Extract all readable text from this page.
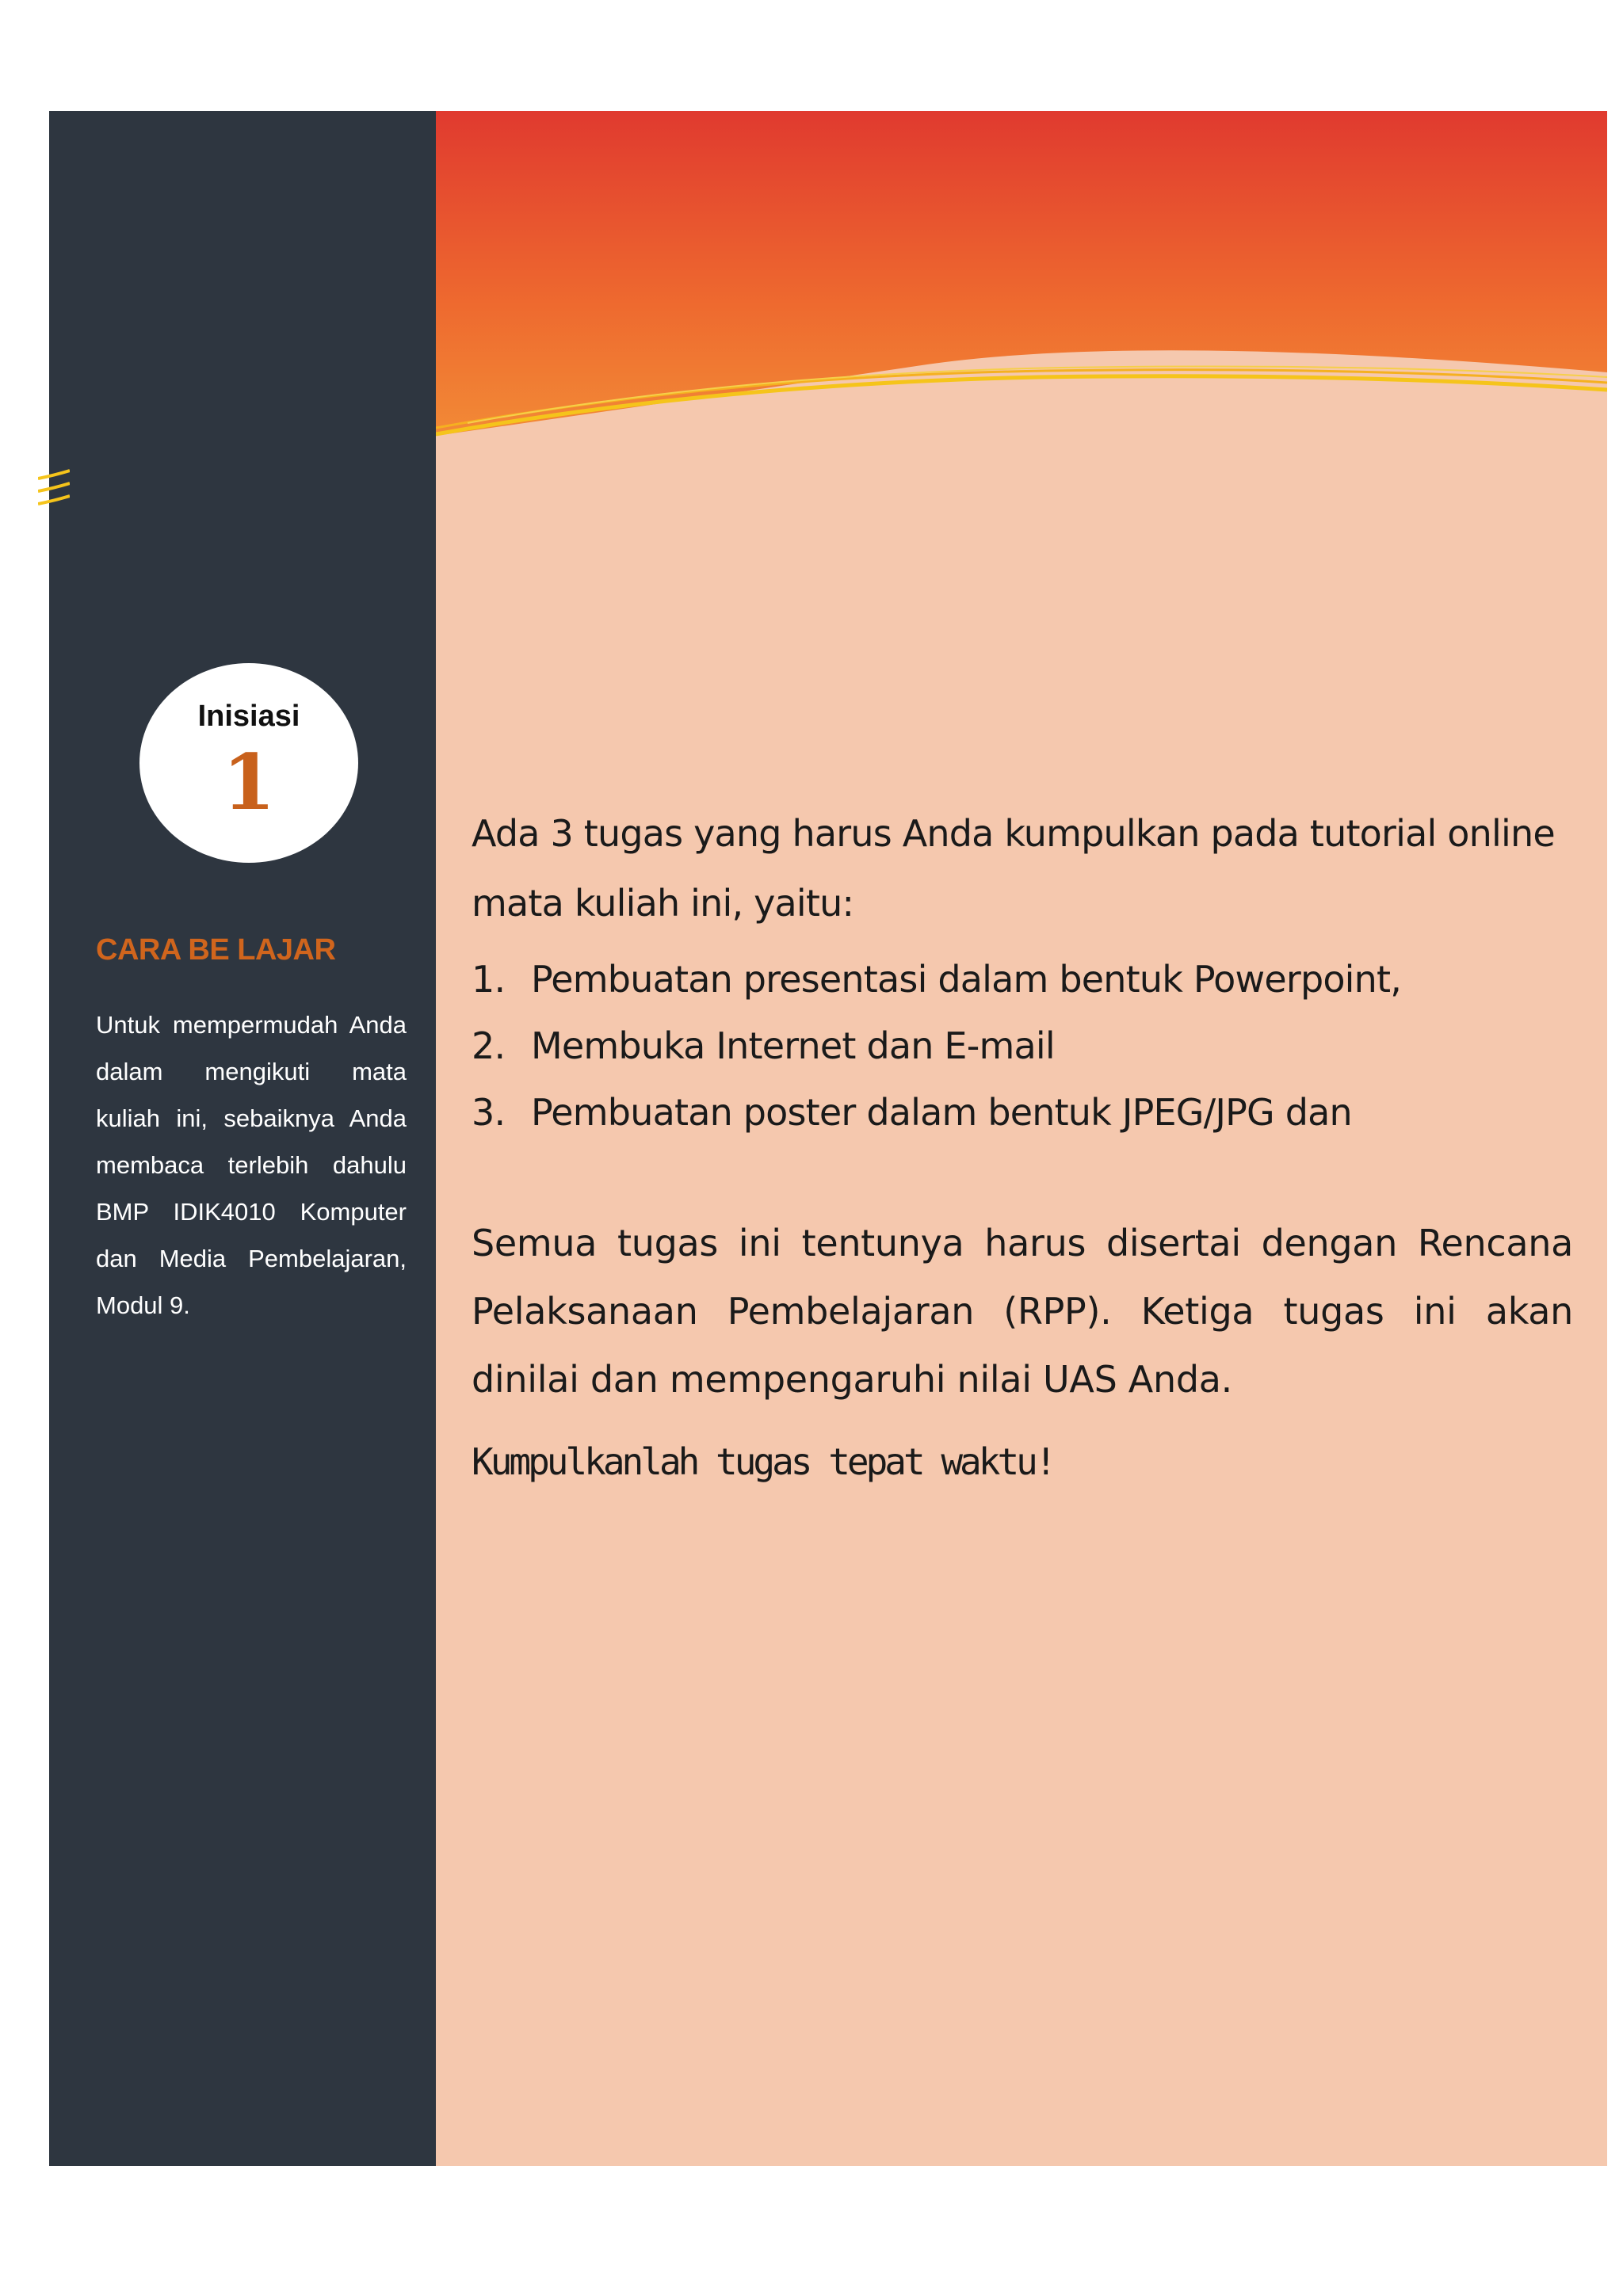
Inisiasi
1
CARA BE LAJAR
Untuk mempermudah Anda dalam mengikuti mata kuliah ini, sebaiknya Anda membaca terlebih dahulu BMP IDIK4010 Komputer dan Media Pembelajaran, Modul 9.

Ada 3 tugas yang harus Anda kumpulkan pada tutorial online mata kuliah ini, yaitu:

1. Pembuatan presentasi dalam bentuk Powerpoint,
2. Membuka Internet dan E-mail
3. Pembuatan poster dalam bentuk JPEG/JPG dan

Semua tugas ini tentunya harus disertai dengan Rencana Pelaksanaan Pembelajaran (RPP). Ketiga tugas ini akan dinilai dan mempengaruhi nilai UAS Anda.

Kumpulkanlah tugas tepat waktu!
